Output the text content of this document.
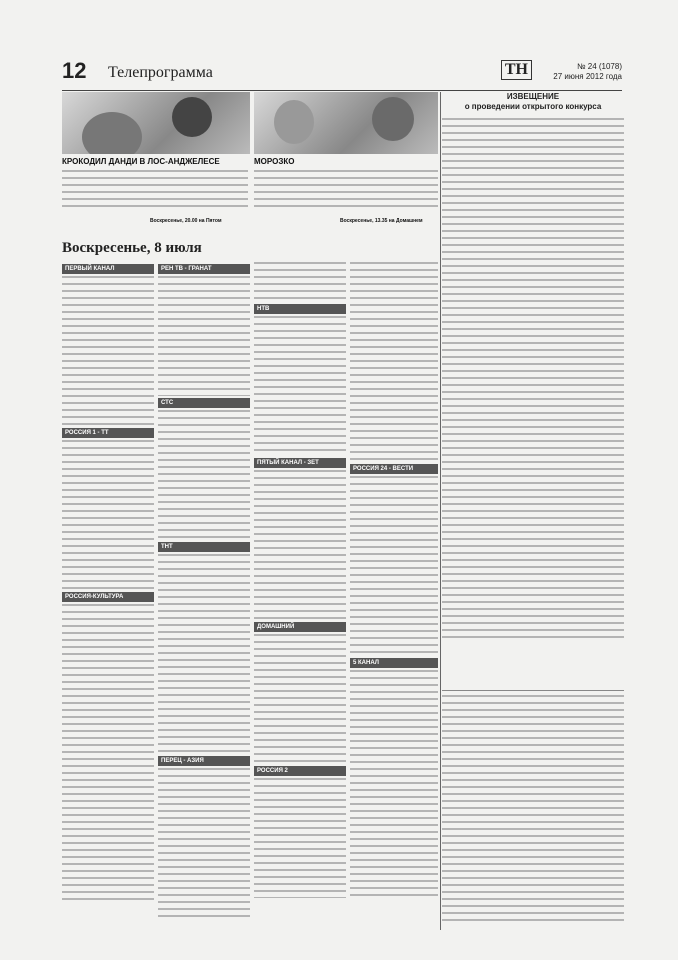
12 Телепрограмма	ТН	№ 24 (1078)
27 июня 2012 года
КРОКОДИЛ ДАНДИ В ЛОС-АНДЖЕЛЕСЕ	МОРОЗКО
Воскресенье, 20.00 на Пятом	Воскресенье, 13.35 на Домашнем
Воскресенье, 8 июля
ПЕРВЫЙ КАНАЛ
РОССИЯ 1 - ТТ
РОССИЯ-КУЛЬТУРА
РЕН ТВ - ГРАНАТ
СТС
ТНТ
ПЕРЕЦ - АЗИЯ
НТВ
ПЯТЫЙ КАНАЛ - ЗЕТ
ДОМАШНИЙ
РОССИЯ 2
РОССИЯ 24 - ВЕСТИ
5 КАНАЛ
ИЗВЕЩЕНИЕ
о проведении открытого конкурса
